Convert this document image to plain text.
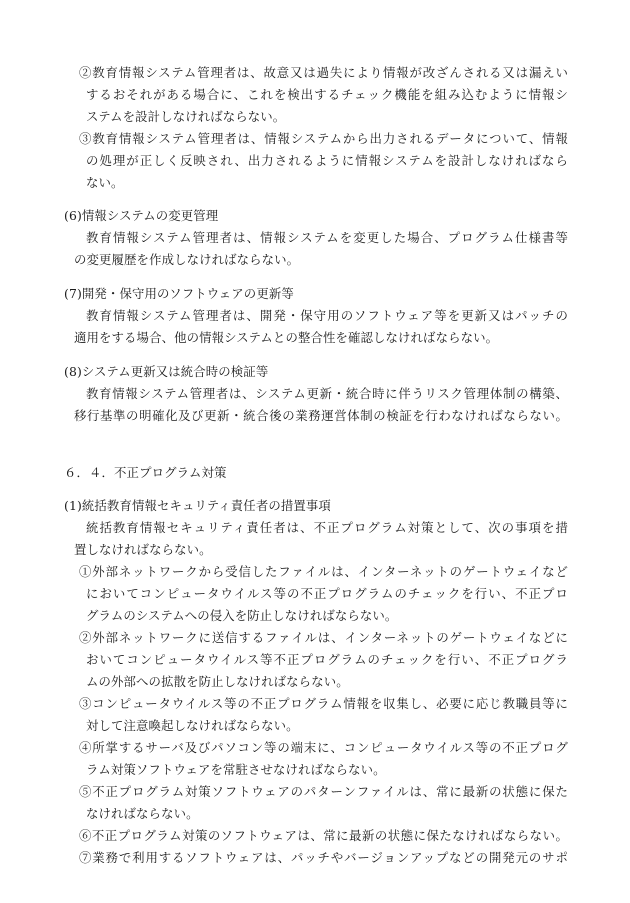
②教育情報システム管理者は、故意又は過失により情報が改ざんされる又は漏えい
するおそれがある場合に、これを検出するチェック機能を組み込むように情報シ
ステムを設計しなければならない。
③教育情報システム管理者は、情報システムから出力されるデータについて、情報
の処理が正しく反映され、出力されるように情報システムを設計しなければなら
ない。
(6)情報システムの変更管理
教育情報システム管理者は、情報システムを変更した場合、プログラム仕様書等
の変更履歴を作成しなければならない。
(7)開発・保守用のソフトウェアの更新等
教育情報システム管理者は、開発・保守用のソフトウェア等を更新又はパッチの
適用をする場合、他の情報システムとの整合性を確認しなければならない。
(8)システム更新又は統合時の検証等
教育情報システム管理者は、システム更新・統合時に伴うリスク管理体制の構築、
移行基準の明確化及び更新・統合後の業務運営体制の検証を行わなければならない。
６．４．不正プログラム対策
(1)統括教育情報セキュリティ責任者の措置事項
統括教育情報セキュリティ責任者は、不正プログラム対策として、次の事項を措
置しなければならない。
①外部ネットワークから受信したファイルは、インターネットのゲートウェイなど
においてコンピュータウイルス等の不正プログラムのチェックを行い、不正プロ
グラムのシステムへの侵入を防止しなければならない。
②外部ネットワークに送信するファイルは、インターネットのゲートウェイなどに
おいてコンピュータウイルス等不正プログラムのチェックを行い、不正プログラ
ムの外部への拡散を防止しなければならない。
③コンピュータウイルス等の不正プログラム情報を収集し、必要に応じ教職員等に
対して注意喚起しなければならない。
④所掌するサーバ及びパソコン等の端末に、コンピュータウイルス等の不正プログ
ラム対策ソフトウェアを常駐させなければならない。
⑤不正プログラム対策ソフトウェアのパターンファイルは、常に最新の状態に保た
なければならない。
⑥不正プログラム対策のソフトウェアは、常に最新の状態に保たなければならない。
⑦業務で利用するソフトウェアは、パッチやバージョンアップなどの開発元のサポ
